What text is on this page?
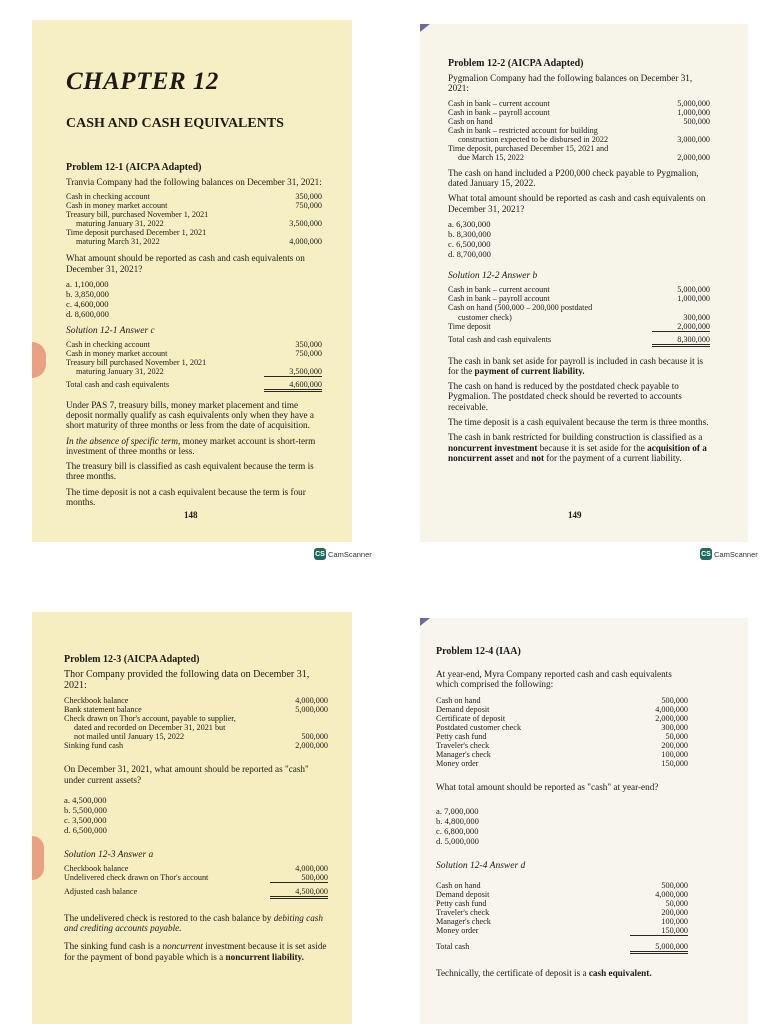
CHAPTER 12
CASH AND CASH EQUIVALENTS
Problem 12-1 (AICPA Adapted)
Tranvia Company had the following balances on December 31, 2021:
Cash in checking account	350,000
Cash in money market account	750,000
Treasury bill, purchased November 1, 2021
maturing January 31, 2022	3,500,000
Time deposit purchased December 1, 2021
maturing March 31, 2022	4,000,000
What amount should be reported as cash and cash equivalents on December 31, 2021?
a. 1,100,000
b. 3,850,000
c. 4,600,000
d. 8,600,000
Solution 12-1 Answer c
Cash in checking account	350,000
Cash in money market account	750,000
Treasury bill purchased November 1, 2021
maturing January 31, 2022	3,500,000
Total cash and cash equivalents	4,600,000
Under PAS 7, treasury bills, money market placement and time deposit normally qualify as cash equivalents only when they have a short maturity of three months or less from the date of acquisition.
In the absence of specific term, money market account is short-term investment of three months or less.
The treasury bill is classified as cash equivalent because the term is three months.
The time deposit is not a cash equivalent because the term is four months.
148
Problem 12-2 (AICPA Adapted)
Pygmalion Company had the following balances on December 31, 2021:
Cash in bank – current account	5,000,000
Cash in bank – payroll account	1,000,000
Cash on hand	500,000
Cash in bank – restricted account for building
construction expected to be disbursed in 2022	3,000,000
Time deposit, purchased December 15, 2021 and
due March 15, 2022	2,000,000
The cash on hand included a P200,000 check payable to Pygmalion, dated January 15, 2022.
What total amount should be reported as cash and cash equivalents on December 31, 2021?
a. 6,300,000
b. 8,300,000
c. 6,500,000
d. 8,700,000
Solution 12-2 Answer b
Cash in bank – current account	5,000,000
Cash in bank – payroll account	1,000,000
Cash on hand (500,000 – 200,000 postdated
customer check)	300,000
Time deposit	2,000,000
Total cash and cash equivalents	8,300,000
The cash in bank set aside for payroll is included in cash because it is for the payment of current liability.
The cash on hand is reduced by the postdated check payable to Pygmalion. The postdated check should be reverted to accounts receivable.
The time deposit is a cash equivalent because the term is three months.
The cash in bank restricted for building construction is classified as a noncurrent investment because it is set aside for the acquisition of a noncurrent asset and not for the payment of a current liability.
149
CS CamScanner	CS CamScanner
Problem 12-3 (AICPA Adapted)
Thor Company provided the following data on December 31, 2021:
Checkbook balance	4,000,000
Bank statement balance	5,000,000
Check drawn on Thor's account, payable to supplier,
dated and recorded on December 31, 2021 but
not mailed until January 15, 2022	500,000
Sinking fund cash	2,000,000
On December 31, 2021, what amount should be reported as "cash" under current assets?
a. 4,500,000
b. 5,500,000
c. 3,500,000
d. 6,500,000
Solution 12-3 Answer a
Checkbook balance	4,000,000
Undelivered check drawn on Thor's account	500,000
Adjusted cash balance	4,500,000
The undelivered check is restored to the cash balance by debiting cash and crediting accounts payable.
The sinking fund cash is a noncurrent investment because it is set aside for the payment of bond payable which is a noncurrent liability.
Problem 12-4 (IAA)
At year-end, Myra Company reported cash and cash equivalents which comprised the following:
Cash on hand	500,000
Demand deposit	4,000,000
Certificate of deposit	2,000,000
Postdated customer check	300,000
Petty cash fund	50,000
Traveler's check	200,000
Manager's check	100,000
Money order	150,000
What total amount should be reported as "cash" at year-end?
a. 7,000,000
b. 4,800,000
c. 6,800,000
d. 5,000,000
Solution 12-4 Answer d
Cash on hand	500,000
Demand deposit	4,000,000
Petty cash fund	50,000
Traveler's check	200,000
Manager's check	100,000
Money order	150,000
Total cash	5,000,000
Technically, the certificate of deposit is a cash equivalent.
